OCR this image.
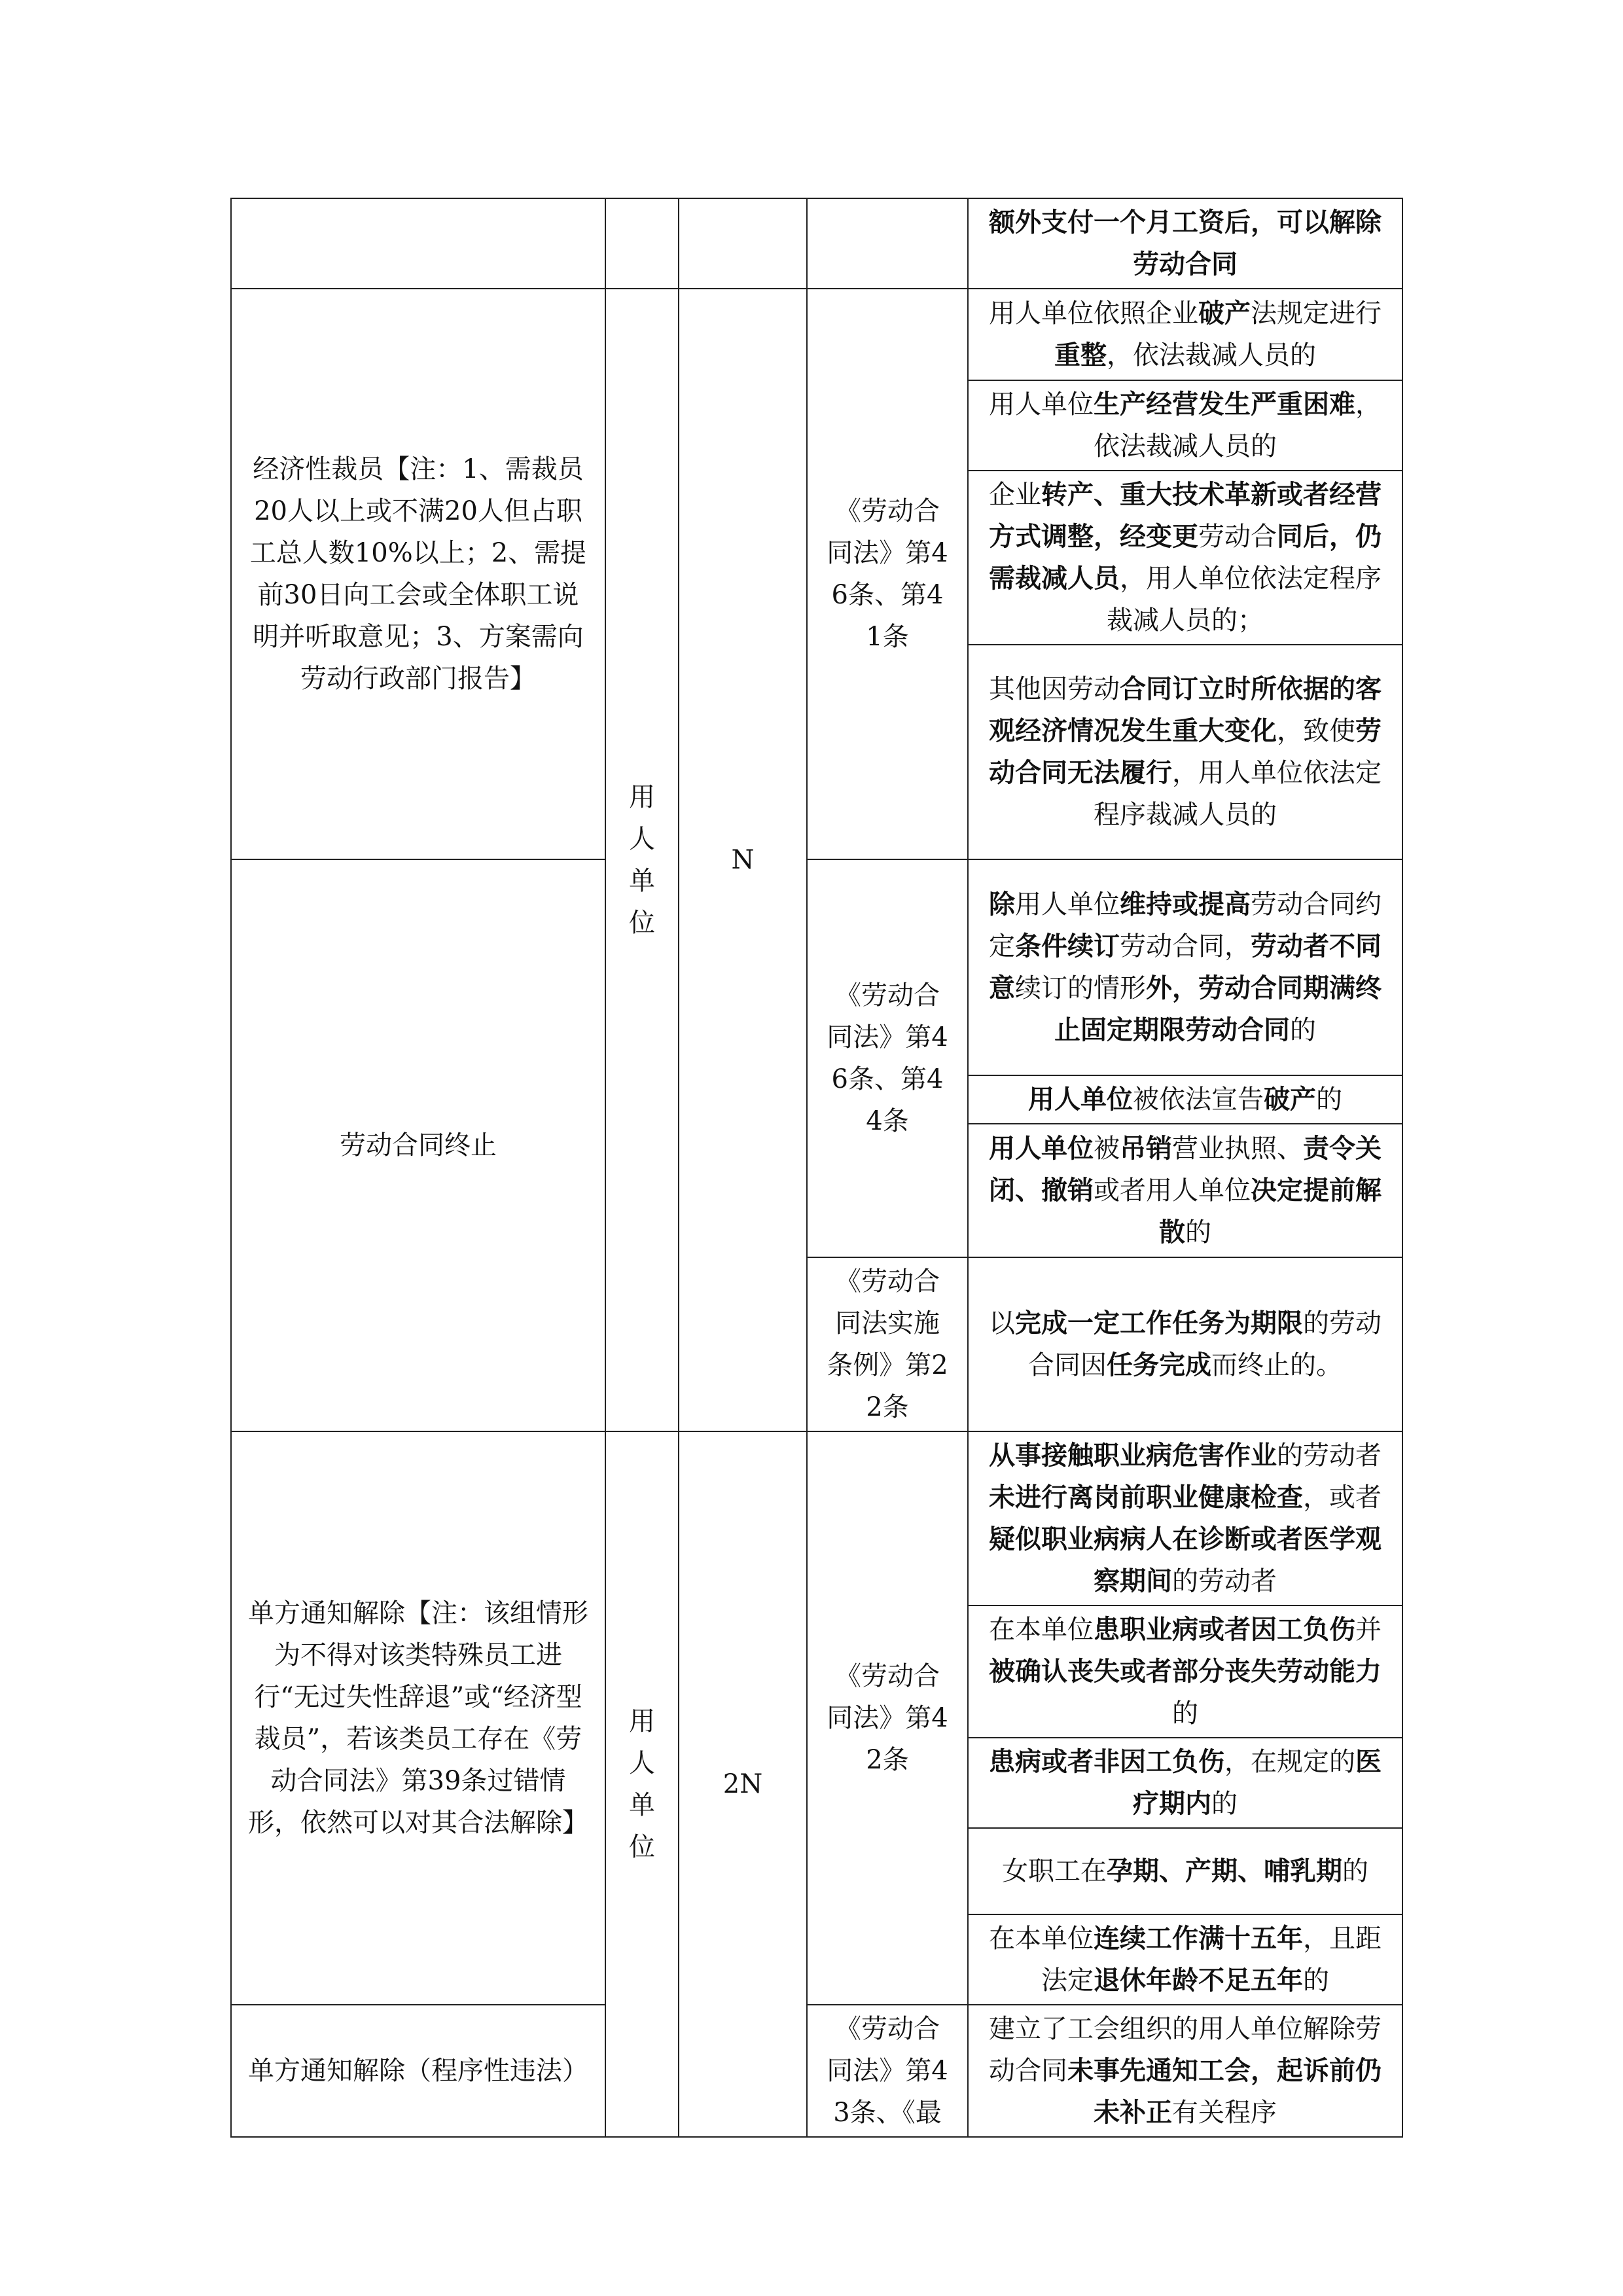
				额外支付一个月工资后，可以解除劳动合同
经济性裁员【注：1、需裁员20人以上或不满20人但占职工总人数10%以上；2、需提前30日向工会或全体职工说明并听取意见；3、方案需向劳动行政部门报告】	用人单位	N	《劳动合同法》第46条、第41条	用人单位依照企业破产法规定进行重整，依法裁减人员的
				用人单位生产经营发生严重困难，依法裁减人员的
				企业转产、重大技术革新或者经营方式调整，经变更劳动合同后，仍需裁减人员，用人单位依法定程序裁减人员的；
				其他因劳动合同订立时所依据的客观经济情况发生重大变化，致使劳动合同无法履行，用人单位依法定程序裁减人员的
劳动合同终止			《劳动合同法》第46条、第44条	除用人单位维持或提高劳动合同约定条件续订劳动合同，劳动者不同意续订的情形外，劳动合同期满终止固定期限劳动合同的
				用人单位被依法宣告破产的
				用人单位被吊销营业执照、责令关闭、撤销或者用人单位决定提前解散的
			《劳动合同法实施条例》第22条	以完成一定工作任务为期限的劳动合同因任务完成而终止的。
单方通知解除【注：该组情形为不得对该类特殊员工进行“无过失性辞退”或“经济型裁员”，若该类员工存在《劳动合同法》第39条过错情形，依然可以对其合法解除】	用人单位	2N	《劳动合同法》第42条	从事接触职业病危害作业的劳动者未进行离岗前职业健康检查，或者疑似职业病病人在诊断或者医学观察期间的劳动者
				在本单位患职业病或者因工负伤并被确认丧失或者部分丧失劳动能力的
				患病或者非因工负伤，在规定的医疗期内的
				女职工在孕期、产期、哺乳期的
				在本单位连续工作满十五年，且距法定退休年龄不足五年的
单方通知解除（程序性违法）			《劳动合同法》第43条、《最	建立了工会组织的用人单位解除劳动合同未事先通知工会，起诉前仍未补正有关程序
